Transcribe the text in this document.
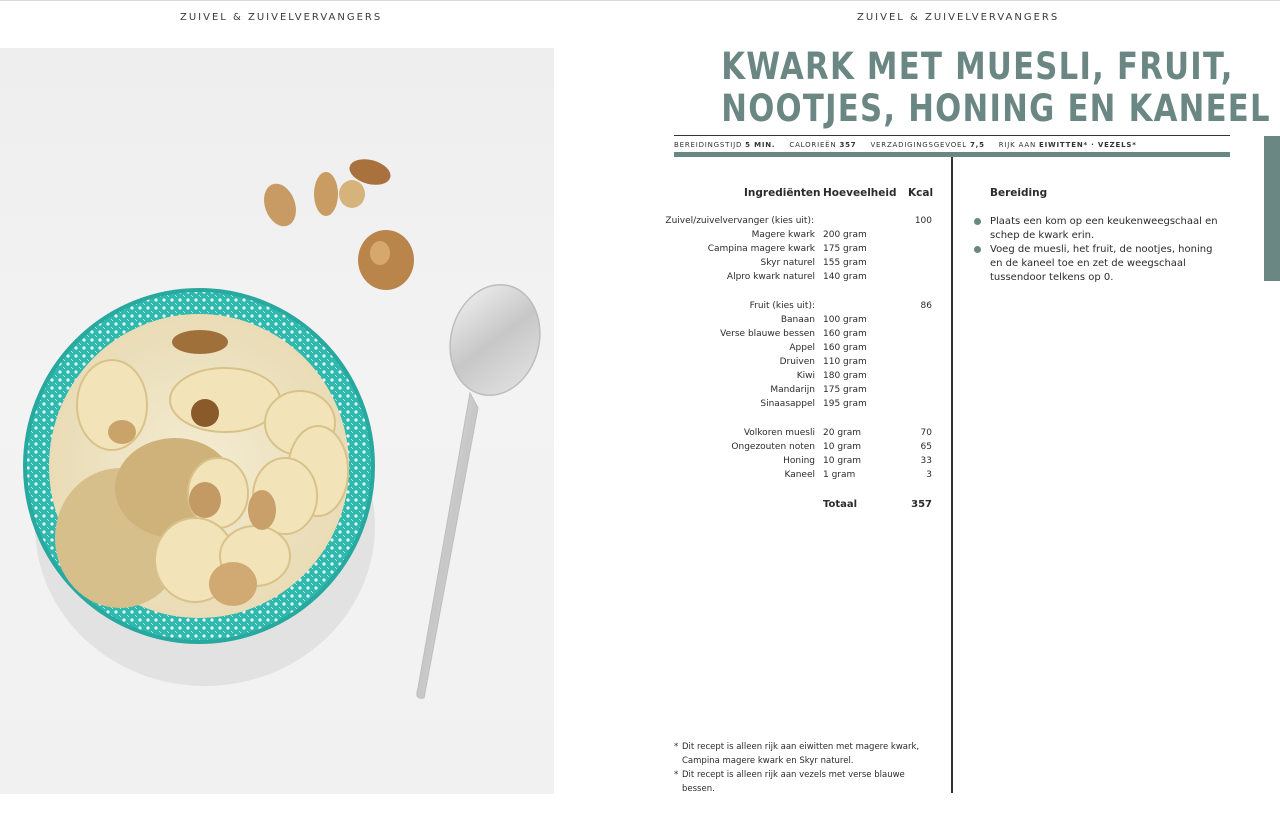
ZUIVEL & ZUIVELVERVANGERS	ZUIVEL & ZUIVELVERVANGERS
KWARK MET MUESLI, FRUIT,
NOOTJES, HONING EN KANEEL
BEREIDINGSTIJD 5 MIN. CALORIEËN 357 VERZADIGINGSGEVOEL 7,5 RIJK AAN EIWITTEN* · VEZELS*
Ingrediënten Hoeveelheid Kcal
Zuivel/zuivelvervanger (kies uit):	100
Magere kwark 200 gram
Campina magere kwark 175 gram
Skyr naturel 155 gram
Alpro kwark naturel 140 gram
Fruit (kies uit):	86
Banaan 100 gram
Verse blauwe bessen 160 gram
Appel 160 gram
Druiven 110 gram
Kiwi 180 gram
Mandarijn 175 gram
Sinaasappel 195 gram
Volkoren muesli 20 gram	70
Ongezouten noten 10 gram	65
Honing 10 gram	33
Kaneel 1 gram	3
Totaal	357
Bereiding
Plaats een kom op een keukenweegschaal en schep de kwark erin.
Voeg de muesli, het fruit, de nootjes, honing en de kaneel toe en zet de weegschaal tussendoor telkens op 0.
* Dit recept is alleen rijk aan eiwitten met magere kwark, Campina magere kwark en Skyr naturel.
* Dit recept is alleen rijk aan vezels met verse blauwe bessen.
